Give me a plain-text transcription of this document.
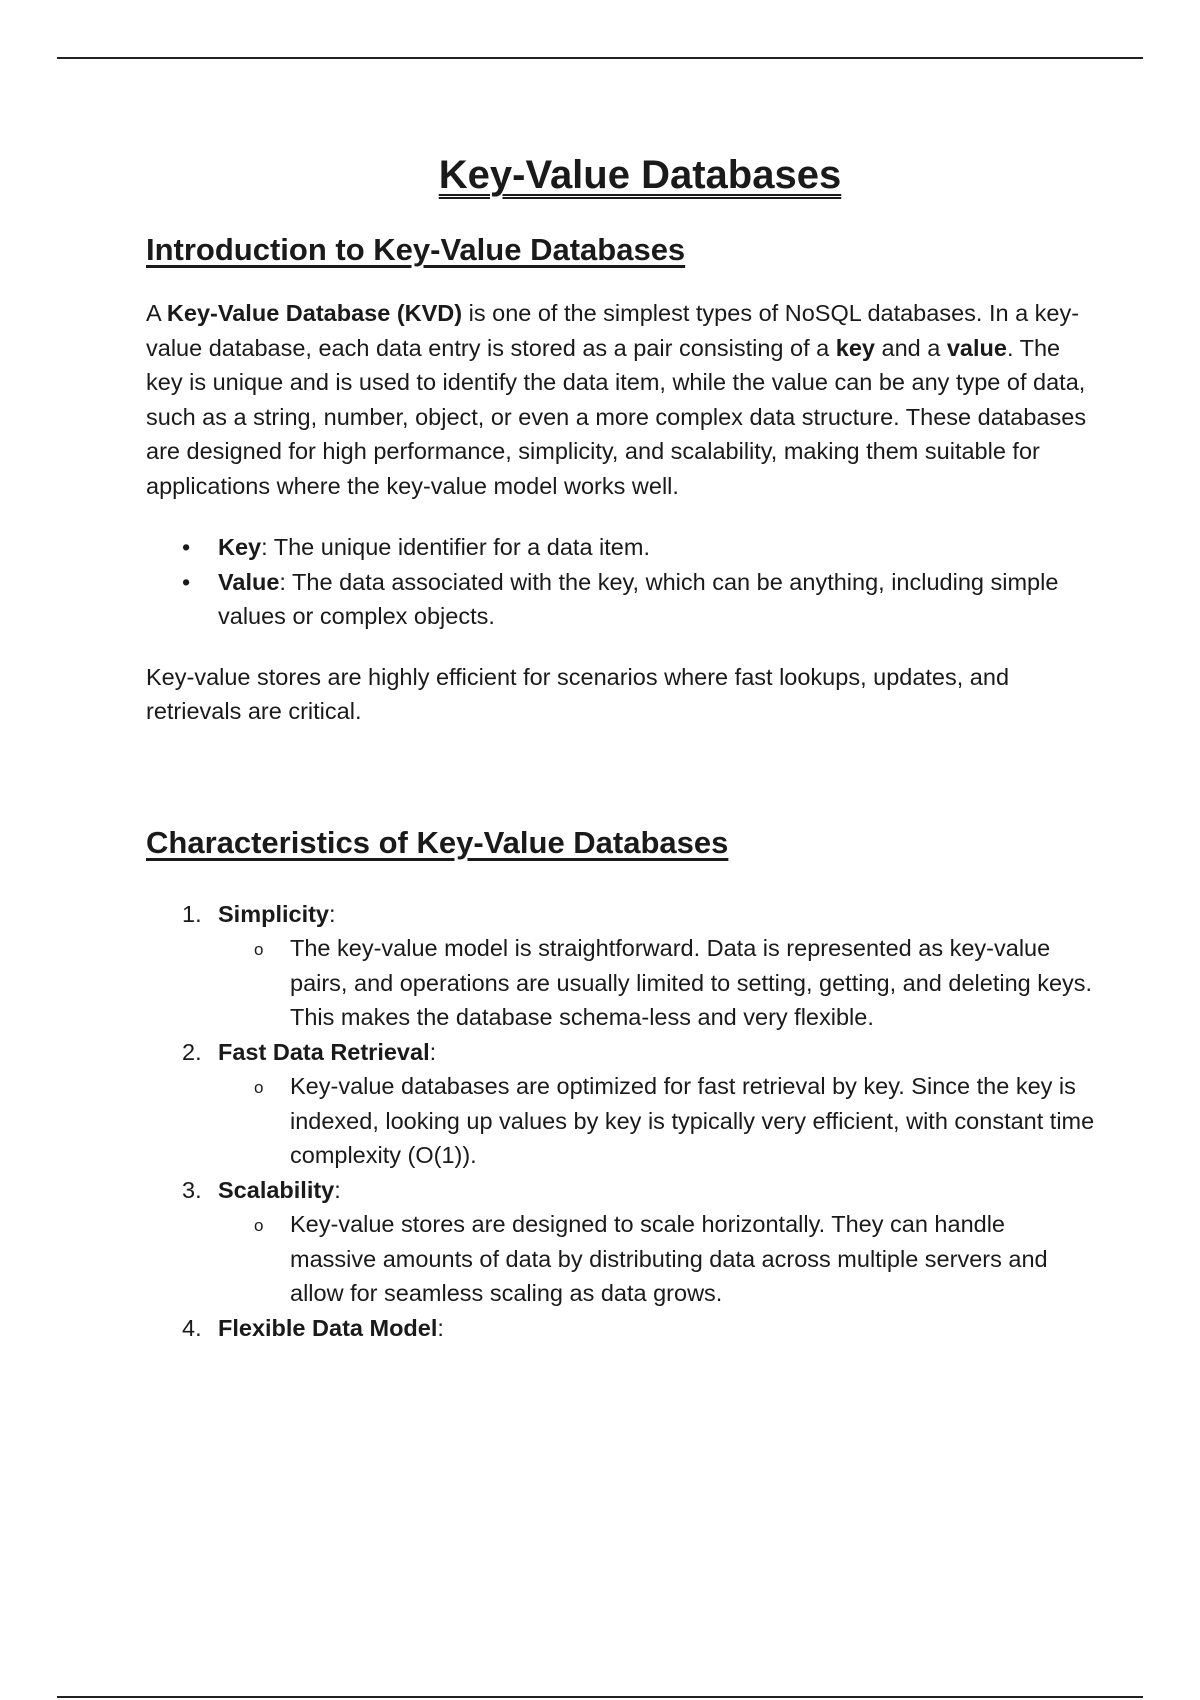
Key-Value Databases
Introduction to Key-Value Databases

A Key-Value Database (KVD) is one of the simplest types of NoSQL databases. In a key-value database, each data entry is stored as a pair consisting of a key and a value. The key is unique and is used to identify the data item, while the value can be any type of data, such as a string, number, object, or even a more complex data structure. These databases are designed for high performance, simplicity, and scalability, making them suitable for applications where the key-value model works well.

• Key: The unique identifier for a data item.
• Value: The data associated with the key, which can be anything, including simple values or complex objects.

Key-value stores are highly efficient for scenarios where fast lookups, updates, and retrievals are critical.

Characteristics of Key-Value Databases
1. Simplicity:
o The key-value model is straightforward. Data is represented as key-value pairs, and operations are usually limited to setting, getting, and deleting keys. This makes the database schema-less and very flexible.
2. Fast Data Retrieval:
o Key-value databases are optimized for fast retrieval by key. Since the key is indexed, looking up values by key is typically very efficient, with constant time complexity (O(1)).
3. Scalability:
o Key-value stores are designed to scale horizontally. They can handle massive amounts of data by distributing data across multiple servers and allow for seamless scaling as data grows.
4. Flexible Data Model:
